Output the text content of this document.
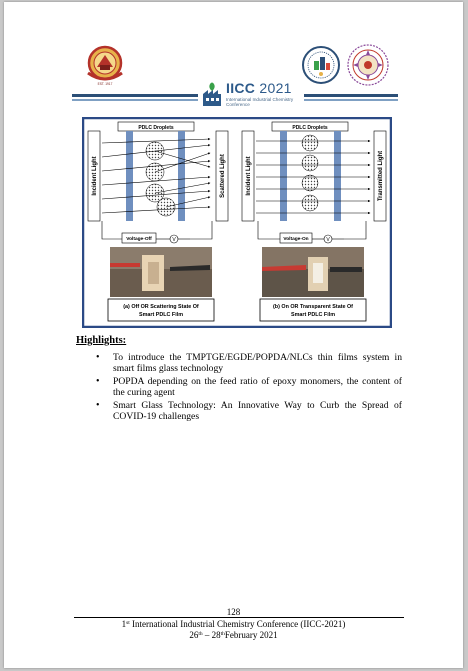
EST. 1917	IICC 2021
International Industrial Chemistry Conference
PDLC Droplets
Incident Light	Scattered Light
Voltage-Off	V
(a) Off OR Scattering State Of
Smart PDLC Film
PDLC Droplets
Incident Light	Transmitted Light
Voltage-On	V
(b) On OR Transparent State Of
Smart PDLC Film
Highlights:
• To introduce the TMPTGE/EGDE/POPDA/NLCs thin films system in smart films glass technology
• POPDA depending on the feed ratio of epoxy monomers, the content of the curing agent
• Smart Glass Technology: An Innovative Way to Curb the Spread of COVID-19 challenges
128
1st International Industrial Chemistry Conference (IICC-2021)
26th – 28thFebruary 2021
